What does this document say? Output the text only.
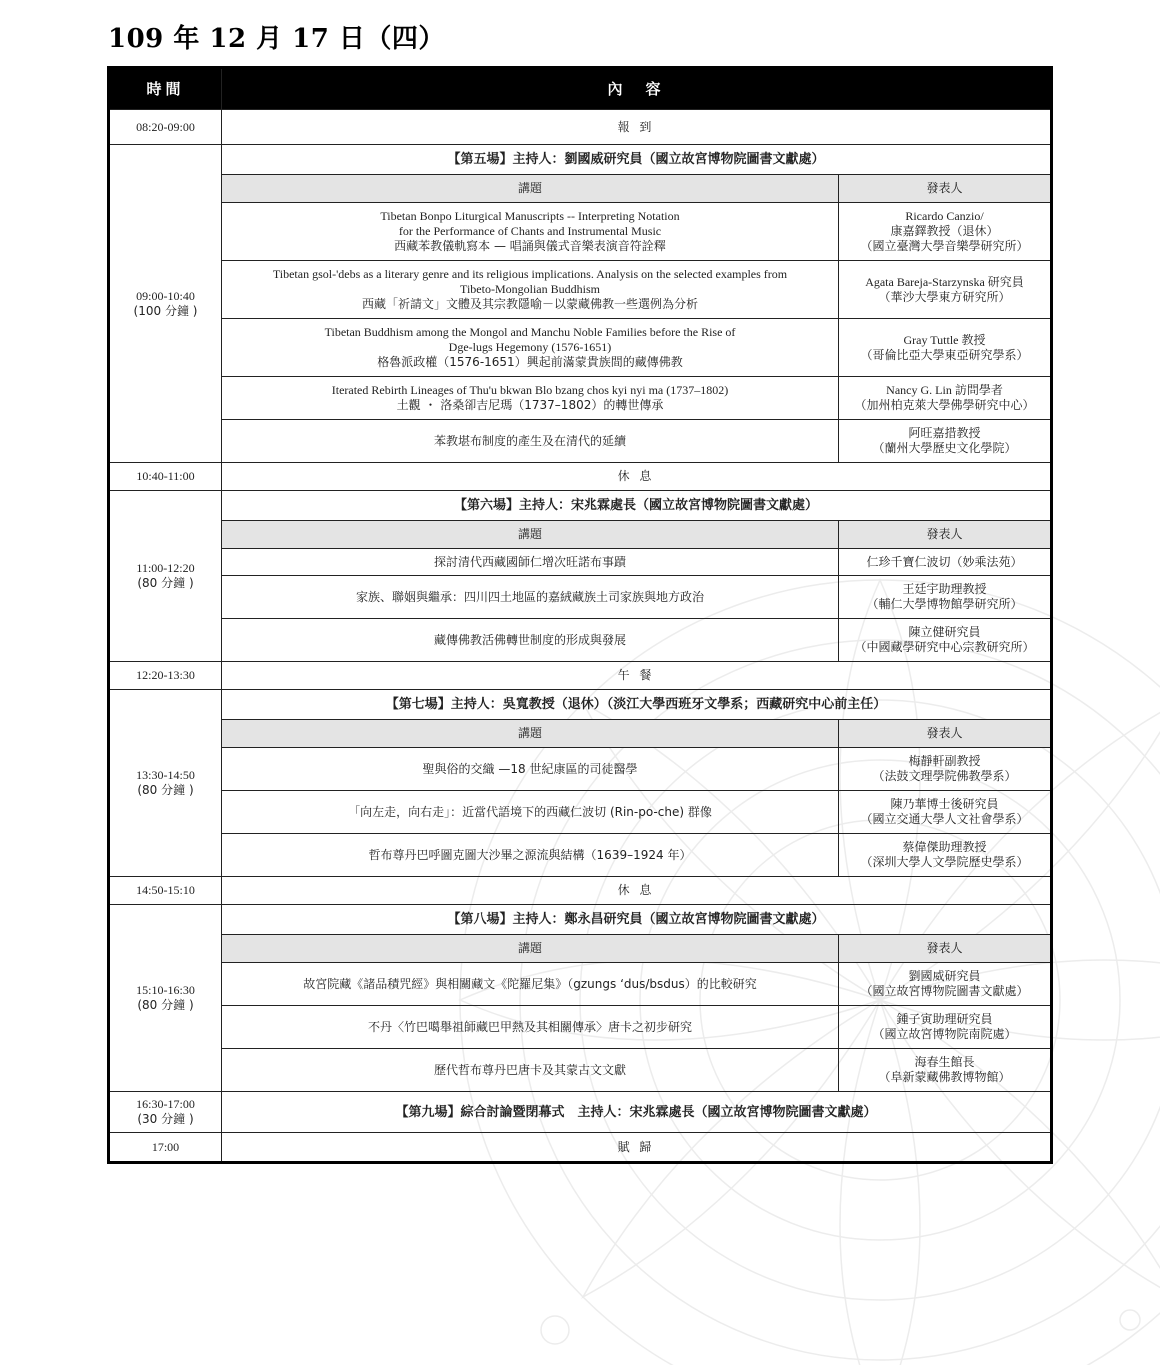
109 年 12 月 17 日（四）
時間	內　容	
08:20-09:00	報 到	

09:00-10:40
(100 分鐘 )	【第五場】主持人：劉國威研究員（國立故宮博物院圖書文獻處）	
	講題	發表人

	Tibetan Bonpo Liturgical Manuscripts -- Interpreting Notation
for the Performance of Chants and Instrumental Music
西藏苯教儀軌寫本 — 唱誦與儀式音樂表演音符詮釋	Ricardo Canzio/
康嘉鐸教授（退休）
（國立臺灣大學音樂學研究所）

	Tibetan gsol-'debs as a literary genre and its religious implications. Analysis on the selected examples from
Tibeto-Mongolian Buddhism
西藏「祈請文」文體及其宗教隱喻－以蒙藏佛教一些選例為分析	Agata Bareja-Starzynska 研究員
（華沙大學東方研究所）

	Tibetan Buddhism among the Mongol and Manchu Noble Families before the Rise of
Dge-lugs Hegemony (1576-1651)
格魯派政權（1576-1651）興起前滿蒙貴族間的藏傳佛教	Gray Tuttle 教授
（哥倫比亞大學東亞研究學系）

	Iterated Rebirth Lineages of Thu'u bkwan Blo bzang chos kyi nyi ma (1737–1802)
土觀 ・ 洛桑卻吉尼瑪（1737–1802）的轉世傳承	Nancy G. Lin 訪問學者
（加州柏克萊大學佛學研究中心）

	苯教堪布制度的產生及在清代的延續	阿旺嘉措教授
（蘭州大學歷史文化學院）

10:40-11:00	休 息	

11:00-12:20
(80 分鐘 )	【第六場】主持人：宋兆霖處長（國立故宮博物院圖書文獻處）	
	講題	發表人
	探討清代西藏國師仁增次旺諾布事蹟	仁珍千寶仁波切（妙乘法苑）
	家族、聯姻與繼承：四川四土地區的嘉絨藏族土司家族與地方政治	王廷宇助理教授
（輔仁大學博物館學研究所）

	藏傳佛教活佛轉世制度的形成與發展	陳立健研究員
（中國藏學研究中心宗教研究所）

12:20-13:30	午 餐	

13:30-14:50
(80 分鐘 )	【第七場】主持人：吳寬教授（退休）（淡江大學西班牙文學系；西藏研究中心前主任）	
	講題	發表人
	聖與俗的交織 —18 世紀康區的司徒醫學	梅靜軒副教授
（法鼓文理學院佛教學系）

	「向左走，向右走」：近當代語境下的西藏仁波切 (Rin-po-che) 群像	陳乃華博士後研究員
（國立交通大學人文社會學系）

	哲布尊丹巴呼圖克圖大沙畢之源流與結構（1639–1924 年）	蔡偉傑助理教授
（深圳大學人文學院歷史學系）

14:50-15:10	休 息	

15:10-16:30
(80 分鐘 )	【第八場】主持人：鄭永昌研究員（國立故宮博物院圖書文獻處）	
	講題	發表人
	故宮院藏《諸品積咒經》與相關藏文《陀羅尼集》（gzungs ʻdus/bsdus）的比較研究	劉國威研究員
（國立故宮博物院圖書文獻處）

	不丹〈竹巴噶舉祖師藏巴甲熱及其相關傳承〉唐卡之初步研究	鍾子寅助理研究員
（國立故宮博物院南院處）

	歷代哲布尊丹巴唐卡及其蒙古文文獻	海春生館長
（阜新蒙藏佛教博物館）

16:30-17:00
(30 分鐘 )	【第九場】綜合討論暨閉幕式　主持人：宋兆霖處長（國立故宮博物院圖書文獻處）	
17:00	賦 歸	
